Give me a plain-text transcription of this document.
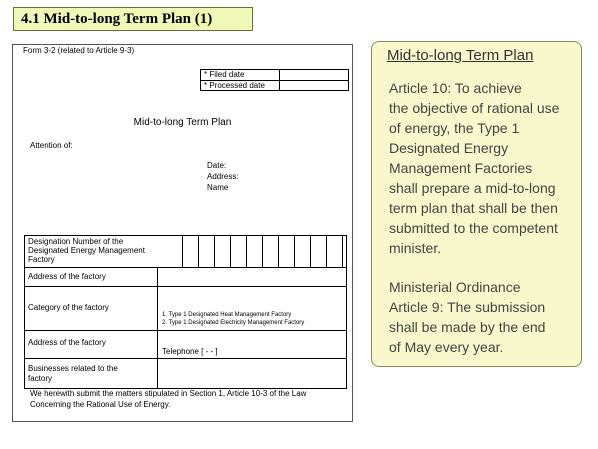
4.1 Mid-to-long Term Plan (1)
Form 3-2 (related to Article 9-3)
* Filed date
* Processed date
Mid-to-long Term Plan
Attention of:
Date:
Address:
Name
Designation Number of the
Designated Energy Management
Factory
Address of the factory
Category of the factory
1. Type 1 Designated Heat Management Factory
2. Type 1 Designated Electricity Management Factory
Address of the factory
Telephone [ - - ]
Businesses related to the
factory
We herewith submit the matters stipulated in Section 1, Article 10-3 of the Law
Concerning the Rational Use of Energy.
Mid-to-long Term Plan
Article 10: To achieve
the objective of rational use
of energy, the Type 1
Designated Energy
Management Factories
shall prepare a mid-to-long
term plan that shall be then
submitted to the competent
minister.
Ministerial Ordinance
Article 9: The submission
shall be made by the end
of May every year.
